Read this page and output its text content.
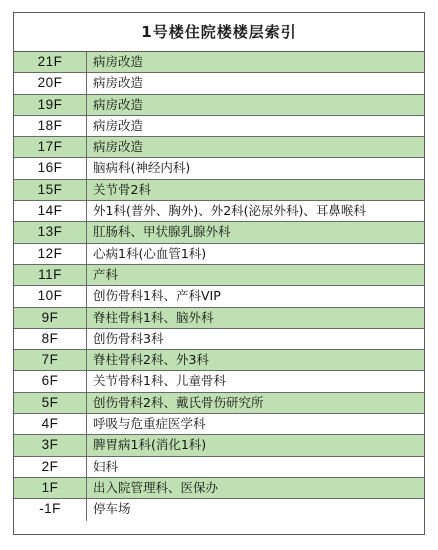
1号楼住院楼楼层索引
21F	病房改造
20F	病房改造
19F	病房改造
18F	病房改造
17F	病房改造
16F	脑病科(神经内科)
15F	关节骨2科
14F	外1科(普外、胸外)、外2科(泌尿外科)、耳鼻喉科
13F	肛肠科、甲状腺乳腺外科
12F	心病1科(心血管1科)
11F	产科
10F	创伤骨科1科、产科VIP
9F	脊柱骨科1科、脑外科
8F	创伤骨科3科
7F	脊柱骨科2科、外3科
6F	关节骨科1科、儿童骨科
5F	创伤骨科2科、戴氏骨伤研究所
4F	呼吸与危重症医学科
3F	脾胃病1科(消化1科)
2F	妇科
1F	出入院管理科、医保办
-1F	停车场
